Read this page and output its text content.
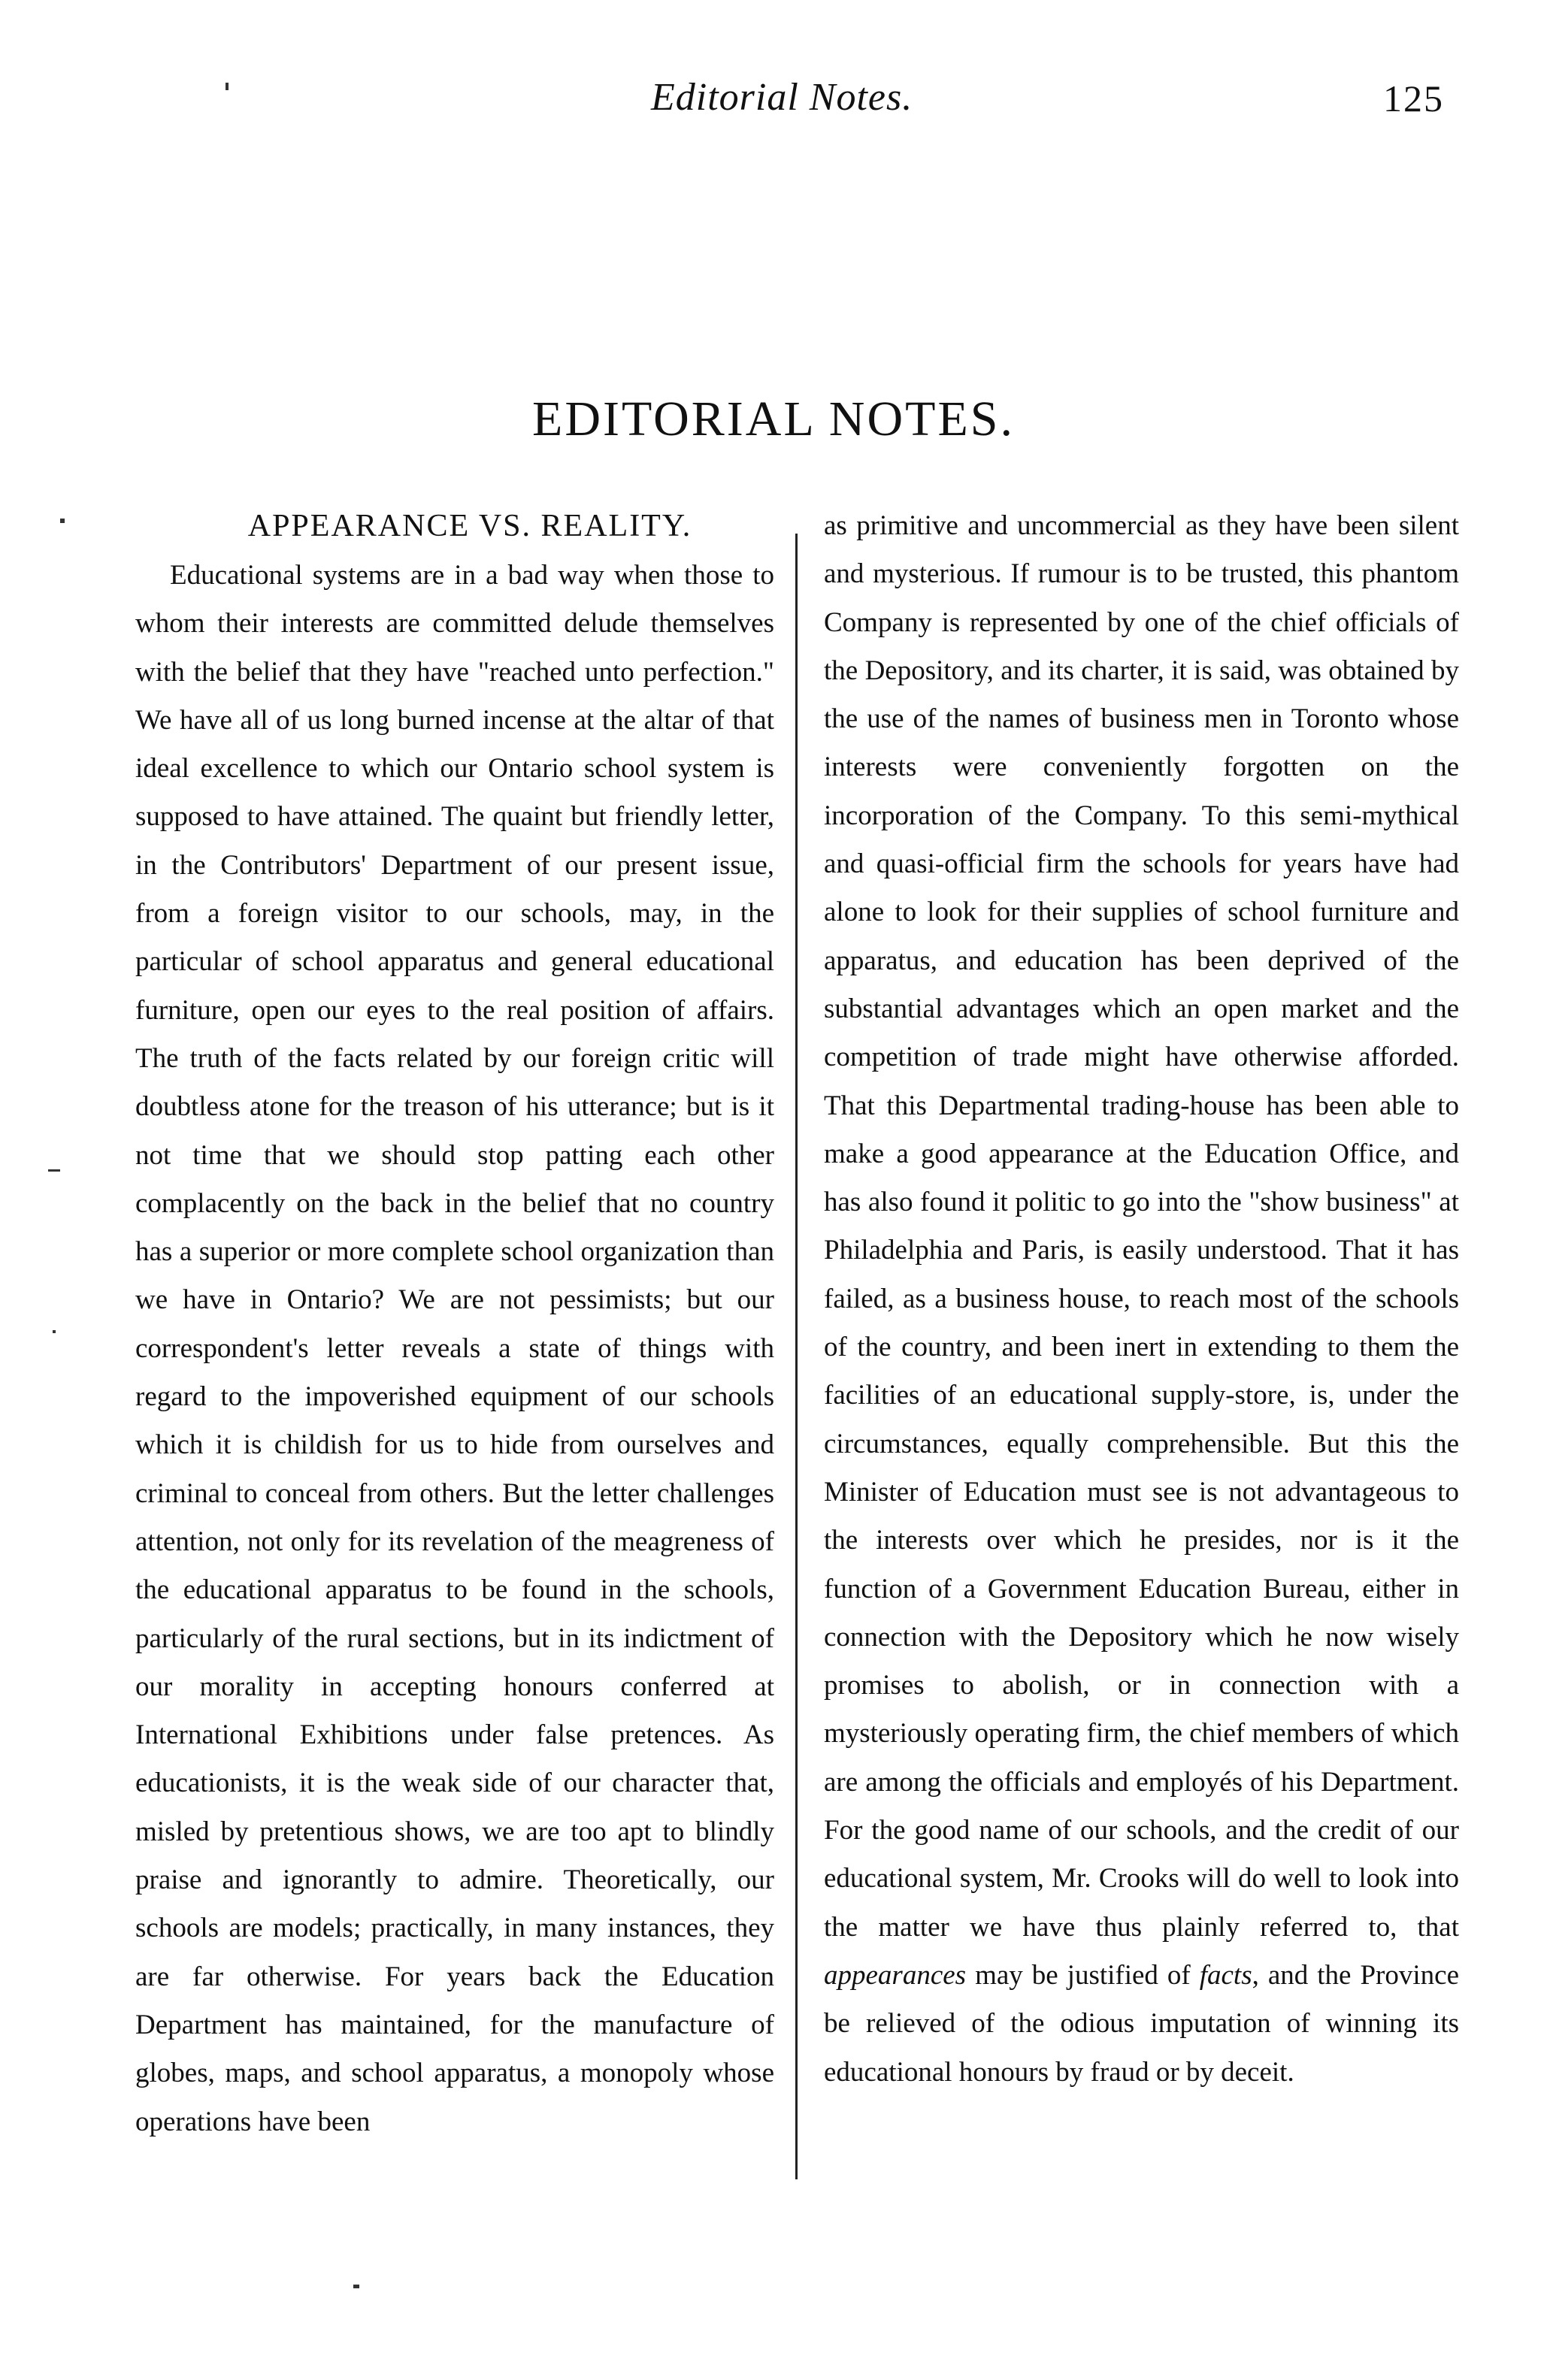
Editorial Notes.	125
EDITORIAL NOTES.
APPEARANCE VS. REALITY.

Educational systems are in a bad way when those to whom their interests are committed delude themselves with the belief that they have "reached unto perfection." We have all of us long burned incense at the altar of that ideal excellence to which our Ontario school system is supposed to have attained. The quaint but friendly letter, in the Contributors' Department of our present issue, from a foreign visitor to our schools, may, in the particular of school apparatus and general educational furniture, open our eyes to the real position of affairs. The truth of the facts related by our foreign critic will doubtless atone for the treason of his utterance; but is it not time that we should stop patting each other complacently on the back in the belief that no country has a superior or more complete school organization than we have in Ontario? We are not pessimists; but our correspondent's letter reveals a state of things with regard to the impoverished equipment of our schools which it is childish for us to hide from ourselves and criminal to conceal from others. But the letter challenges attention, not only for its revelation of the meagreness of the educational apparatus to be found in the schools, particularly of the rural sections, but in its indictment of our morality in accepting honours conferred at International Exhibitions under false pretences. As educationists, it is the weak side of our character that, misled by pretentious shows, we are too apt to blindly praise and ignorantly to admire. Theoretically, our schools are models; practically, in many instances, they are far otherwise. For years back the Education Department has maintained, for the manufacture of globes, maps, and school apparatus, a monopoly whose operations have been

as primitive and uncommercial as they have been silent and mysterious. If rumour is to be trusted, this phantom Company is represented by one of the chief officials of the Depository, and its charter, it is said, was obtained by the use of the names of business men in Toronto whose interests were conveniently forgotten on the incorporation of the Company. To this semi-mythical and quasi-official firm the schools for years have had alone to look for their supplies of school furniture and apparatus, and education has been deprived of the substantial advantages which an open market and the competition of trade might have otherwise afforded. That this Departmental trading-house has been able to make a good appearance at the Education Office, and has also found it politic to go into the "show business" at Philadelphia and Paris, is easily understood. That it has failed, as a business house, to reach most of the schools of the country, and been inert in extending to them the facilities of an educational supply-store, is, under the circumstances, equally comprehensible. But this the Minister of Education must see is not advantageous to the interests over which he presides, nor is it the function of a Government Education Bureau, either in connection with the Depository which he now wisely promises to abolish, or in connection with a mysteriously operating firm, the chief members of which are among the officials and employés of his Department. For the good name of our schools, and the credit of our educational system, Mr. Crooks will do well to look into the matter we have thus plainly referred to, that appearances may be justified of facts, and the Province be relieved of the odious imputation of winning its educational honours by fraud or by deceit.
